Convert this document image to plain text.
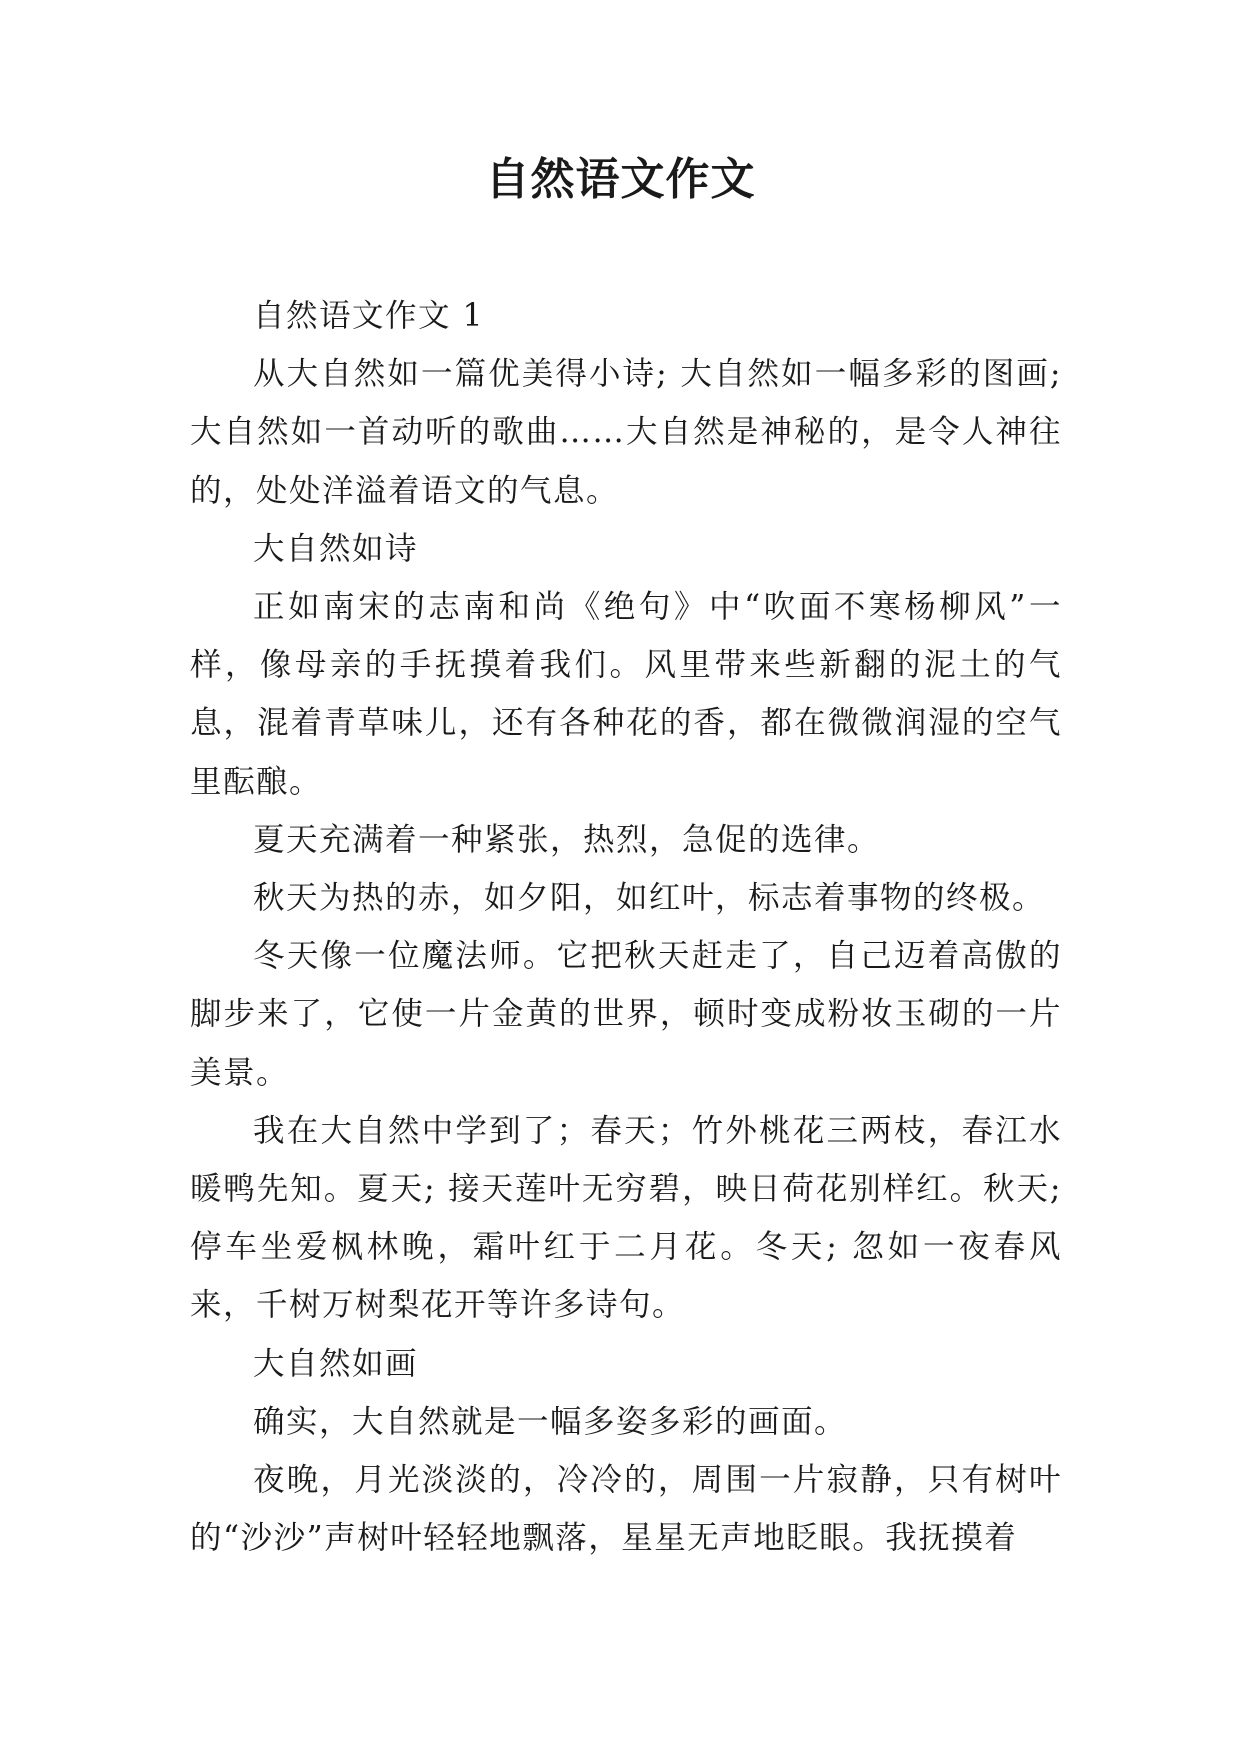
自然语文作文

自然语文作文 1

从大自然如一篇优美得小诗; 大自然如一幅多彩的图画; 大自然如一首动听的歌曲……大自然是神秘的，是令人神往的，处处洋溢着语文的气息。

大自然如诗

正如南宋的志南和尚《绝句》中“吹面不寒杨柳风”一样，像母亲的手抚摸着我们。风里带来些新翻的泥土的气息，混着青草味儿，还有各种花的香，都在微微润湿的空气里酝酿。

夏天充满着一种紧张，热烈，急促的选律。

秋天为热的赤，如夕阳，如红叶，标志着事物的终极。

冬天像一位魔法师。它把秋天赶走了，自己迈着高傲的脚步来了，它使一片金黄的世界，顿时变成粉妆玉砌的一片美景。

我在大自然中学到了；春天；竹外桃花三两枝，春江水暖鸭先知。夏天; 接天莲叶无穷碧，映日荷花别样红。秋天; 停车坐爱枫林晚，霜叶红于二月花。冬天; 忽如一夜春风来，千树万树梨花开等许多诗句。

大自然如画

确实，大自然就是一幅多姿多彩的画面。

夜晚，月光淡淡的，冷冷的，周围一片寂静，只有树叶的“沙沙”声树叶轻轻地飘落，星星无声地眨眼。我抚摸着
